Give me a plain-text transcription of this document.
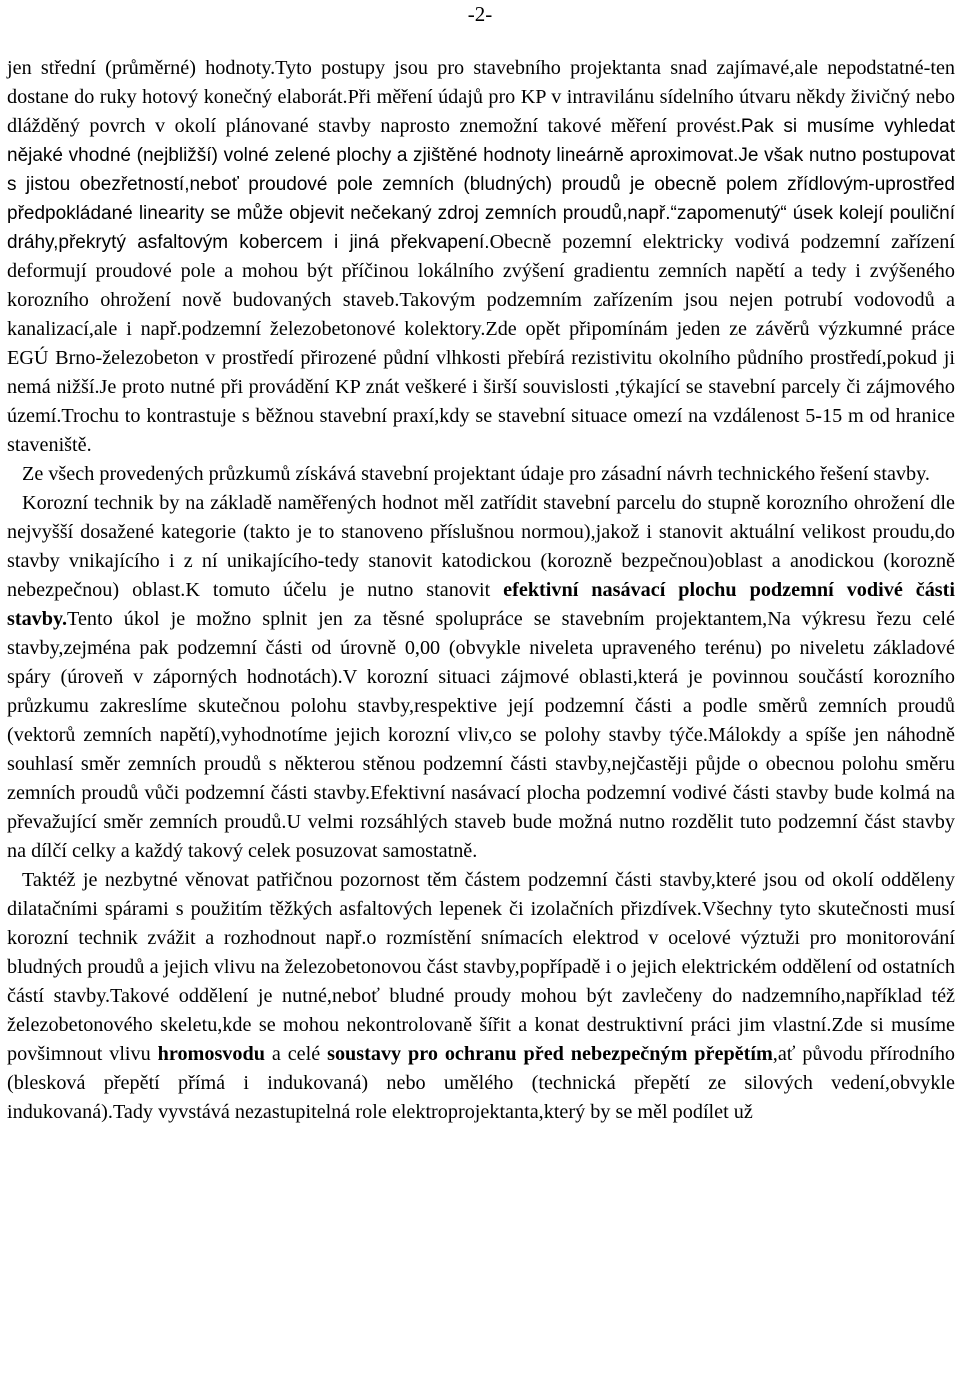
-2-

jen střední (průměrné) hodnoty.Tyto postupy jsou pro stavebního projektanta snad zajímavé,ale nepodstatné-ten dostane do ruky hotový konečný elaborát.Při měření údajů pro KP v intravilánu sídelního útvaru někdy živičný nebo dlážděný povrch v okolí plánované stavby naprosto znemožní takové měření provést.Pak si musíme vyhledat nějaké vhodné (nejbližší) volné zelené plochy a zjištěné hodnoty lineárně aproximovat.Je však nutno postupovat s jistou obezřetností,neboť proudové pole zemních (bludných) proudů je obecně polem zřídlovým-uprostřed předpokládané linearity se může objevit nečekaný zdroj zemních proudů,např.“zapomenutý“ úsek kolejí pouliční dráhy,překrytý asfaltovým kobercem i jiná překvapení.Obecně pozemní elektricky vodivá podzemní zařízení deformují proudové pole a mohou být příčinou lokálního zvýšení gradientu zemních napětí a tedy i zvýšeného korozního ohrožení nově budovaných staveb.Takovým podzemním zařízením jsou nejen potrubí vodovodů a kanalizací,ale i např.podzemní železobetonové kolektory.Zde opět připomínám jeden ze závěrů výzkumné práce EGÚ Brno-železobeton v prostředí přirozené půdní vlhkosti přebírá rezistivitu okolního půdního prostředí,pokud ji nemá nižší.Je proto nutné při provádění KP znát veškeré i širší souvislosti ,týkající se stavební parcely či zájmového území.Trochu to kontrastuje s běžnou stavební praxí,kdy se stavební situace omezí na vzdálenost 5-15 m od hranice staveniště.

Ze všech provedených průzkumů získává stavební projektant údaje pro zásadní návrh technického řešení stavby.

Korozní technik by na základě naměřených hodnot měl zatřídit stavební parcelu do stupně korozního ohrožení dle nejvyšší dosažené kategorie (takto je to stanoveno příslušnou normou),jakož i stanovit aktuální velikost proudu,do stavby vnikajícího i z ní unikajícího-tedy stanovit katodickou (korozně bezpečnou)oblast a anodickou (korozně nebezpečnou) oblast.K tomuto účelu je nutno stanovit efektivní nasávací plochu podzemní vodivé části stavby.Tento úkol je možno splnit jen za těsné spolupráce se stavebním projektantem,Na výkresu řezu celé stavby,zejména pak podzemní části od úrovně 0,00 (obvykle niveleta upraveného terénu) po niveletu základové spáry (úroveň v záporných hodnotách).V korozní situaci zájmové oblasti,která je povinnou součástí korozního průzkumu zakreslíme skutečnou polohu stavby,respektive její podzemní části a podle směrů zemních proudů (vektorů zemních napětí),vyhodnotíme jejich korozní vliv,co se polohy stavby týče.Málokdy a spíše jen náhodně souhlasí směr zemních proudů s některou stěnou podzemní části stavby,nejčastěji půjde o obecnou polohu směru zemních proudů vůči podzemní části stavby.Efektivní nasávací plocha podzemní vodivé části stavby bude kolmá na převažující směr zemních proudů.U velmi rozsáhlých staveb bude možná nutno rozdělit tuto podzemní část stavby na dílčí celky a každý takový celek posuzovat samostatně.

Taktéž je nezbytné věnovat patřičnou pozornost těm částem podzemní části stavby,které jsou od okolí odděleny dilatačními spárami s použitím těžkých asfaltových lepenek či izolačních přizdívek.Všechny tyto skutečnosti musí korozní technik zvážit a rozhodnout např.o rozmístění snímacích elektrod v ocelové výztuži pro monitorování bludných proudů a jejich vlivu na železobetonovou část stavby,popřípadě i o jejich elektrickém oddělení od ostatních částí stavby.Takové oddělení je nutné,neboť bludné proudy mohou být zavlečeny do nadzemního,například též železobetonového skeletu,kde se mohou nekontrolovaně šířit a konat destruktivní práci jim vlastní.Zde si musíme povšimnout vlivu hromosvodu a celé soustavy pro ochranu před nebezpečným přepětím,ať původu přírodního (blesková přepětí přímá i indukovaná) nebo umělého (technická přepětí ze silových vedení,obvykle indukovaná).Tady vyvstává nezastupitelná role elektroprojektanta,který by se měl podílet už
